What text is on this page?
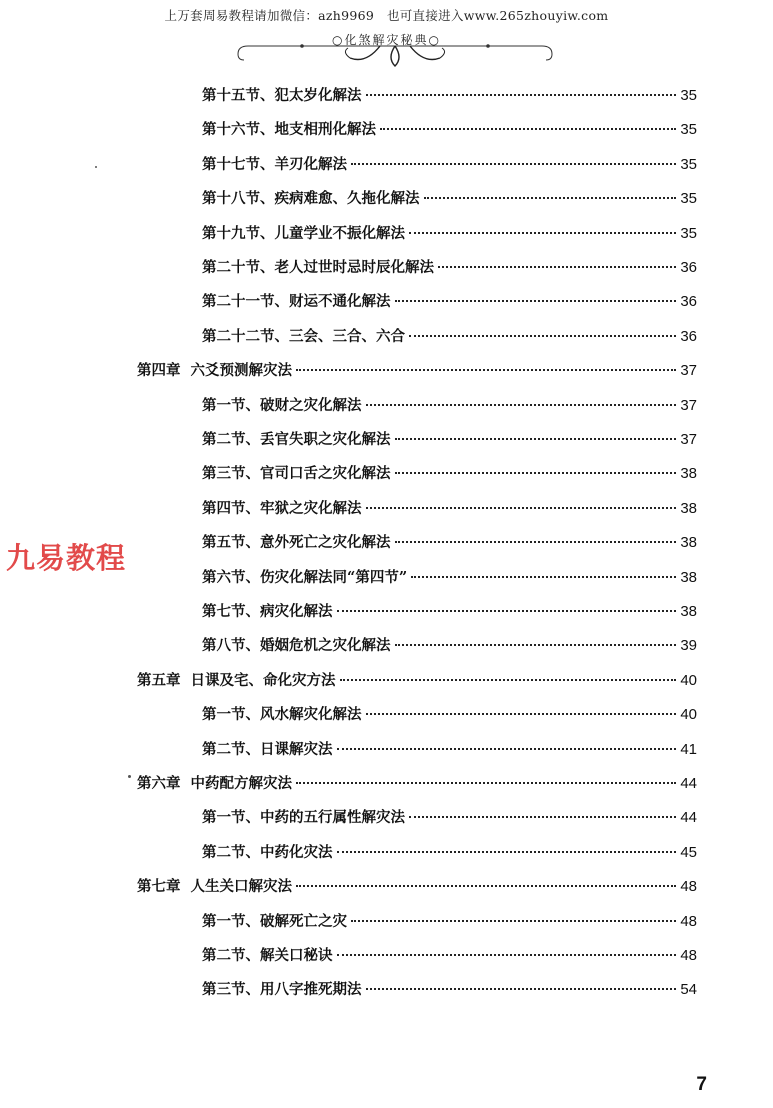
上万套周易教程请加微信：azh9969　也可直接进入www.265zhouyiw.com
○化煞解灾秘典○
第十五节、犯太岁化解法	35
第十六节、地支相刑化解法	35
第十七节、羊刃化解法	35
第十八节、疾病难愈、久拖化解法	35
第十九节、儿童学业不振化解法	35
第二十节、老人过世时忌时辰化解法	36
第二十一节、财运不通化解法	36
第二十二节、三会、三合、六合	36
第四章 六爻预测解灾法	37
第一节、破财之灾化解法	37
第二节、丢官失职之灾化解法	37
第三节、官司口舌之灾化解法	38
第四节、牢狱之灾化解法	38
第五节、意外死亡之灾化解法	38
第六节、伤灾化解法同“第四节”	38
第七节、病灾化解法	38
第八节、婚姻危机之灾化解法	39
第五章 日课及宅、命化灾方法	40
第一节、风水解灾化解法	40
第二节、日课解灾法	41
第六章 中药配方解灾法	44
第一节、中药的五行属性解灾法	44
第二节、中药化灾法	45
第七章 人生关口解灾法	48
第一节、破解死亡之灾	48
第二节、解关口秘诀	48
第三节、用八字推死期法	54
九易教程
7
